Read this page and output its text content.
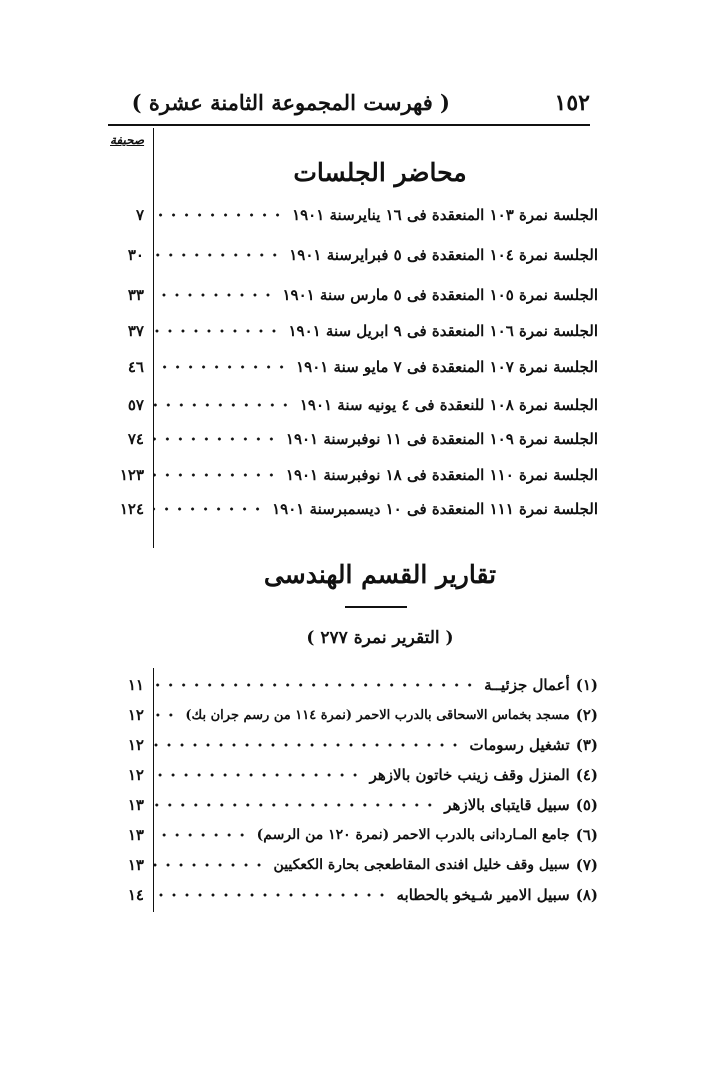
١٥٢
( فهرست المجموعة الثامنة عشرة )
صحيفة
محاضر الجلسات
الجلسة نمرة ١٠٣ المنعقدة فى ١٦ ينايرسنة ١٩٠١
٧
الجلسة نمرة ١٠٤ المنعقدة فى ٥ فبرايرسنة ١٩٠١
٣٠
الجلسة نمرة ١٠٥ المنعقدة فى ٥ مارس سنة ١٩٠١
٣٣
الجلسة نمرة ١٠٦ المنعقدة فى ٩ ابريل سنة ١٩٠١
٣٧
الجلسة نمرة ١٠٧ المنعقدة فى ٧ مايو سنة ١٩٠١
٤٦
الجلسة نمرة ١٠٨ للنعقدة فى ٤ يونيه سنة ١٩٠١
٥٧
الجلسة نمرة ١٠٩ المنعقدة فى ١١ نوفبرسنة ١٩٠١
٧٤
الجلسة نمرة ١١٠ المنعقدة فى ١٨ نوفبرسنة ١٩٠١
١٢٣
الجلسة نمرة ١١١ المنعقدة فى ١٠ ديسمبرسنة ١٩٠١
١٢٤
تقارير القسم الهندسى
( التقرير نمرة ٢٧٧ )
(١)
أعمال جزئيــة
١١
(٢)
مسجد بخماس الاسحاقى بالدرب الاحمر (نمرة ١١٤ من رسم جران بك)
١٢
(٣)
تشغيل رسومات
١٢
(٤)
المنزل وقف زينب خاتون بالازهر
١٢
(٥)
سبيل قايتباى بالازهر
١٣
(٦)
جامع المـاردانى بالدرب الاحمر (نمرة ١٢٠ من الرسم)
١٣
(٧)
سبيل وقف خليل افندى المقاطعجى بحارة الكعكيين
١٣
(٨)
سبيل الامير شـيخو بالحطابه
١٤
